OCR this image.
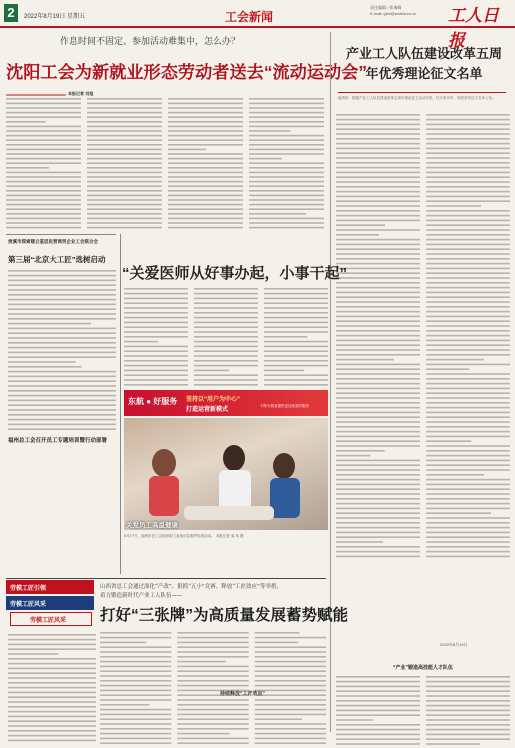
2	2022年8月19日 星期五	工会新闻
责任编辑 / 张瑞峰
E-mail: grrb@workercn.cn 工人日报
作息时间不固定、参加活动难集中，怎么办？
沈阳工会为新就业形态劳动者送去“流动运动会”
本报记者 刘旭
产业工人队伍建设改革五周年优秀理论征文名单
编者按：根据产业工人队伍建设改革五周年理论征文活动安排，经专家评审，现将获奖征文名单公布。
贵溪市探索建立基层民营商贸企业工会联合会
第三届“北京大工匠”选树启动
福州总工会召开员工专题培训暨行动部署
“关爱医师从好事办起，小事干起”
东航 ● 好服务 坚持以“用户为中心”
打造运营新模式
不断为旅客提供更加优质的服务
关爱员工高温健康
8月17日，福州市总工会组织职工参加应急救护培训活动。 本报记者 周 玮 摄
山西省总工会通过深化“产改”、狠抓“五小”竞赛、释放“工匠效应”等举措，
着力锻造新时代产业工人队伍——
打好“三张牌”为高质量发展蓄势赋能
劳模工匠引领
劳模工匠风采
劳模工匠风采
“产业”锻造高技能人才队伍
持续释放“工匠效应”
2022年8月19日
